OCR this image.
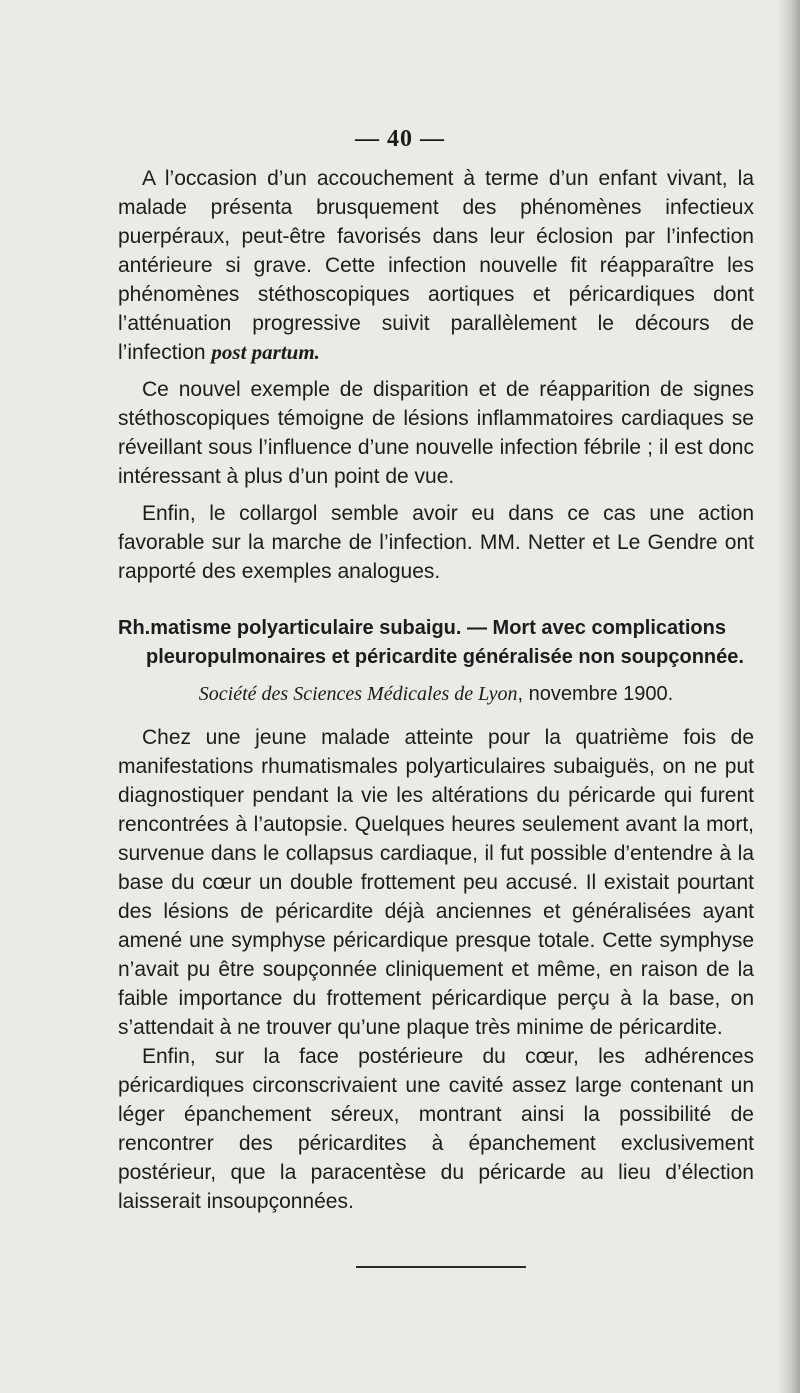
— 40 —

A l’occasion d’un accouchement à terme d’un enfant vivant, la malade présenta brusquement des phénomènes infectieux puerpéraux, peut-être favorisés dans leur éclosion par l’infection antérieure si grave. Cette infection nouvelle fit réapparaître les phénomènes stéthoscopiques aortiques et péricardiques dont l’atténuation progressive suivit parallèlement le décours de l’infection post partum.

Ce nouvel exemple de disparition et de réapparition de signes stéthoscopiques témoigne de lésions inflammatoires cardiaques se réveillant sous l’influence d’une nouvelle infection fébrile ; il est donc intéressant à plus d’un point de vue.

Enfin, le collargol semble avoir eu dans ce cas une action favorable sur la marche de l’infection. MM. Netter et Le Gendre ont rapporté des exemples analogues.

Rh.matisme polyarticulaire subaigu. — Mort avec complications
pleuropulmonaires et péricardite généralisée non soupçonnée.

Société des Sciences Médicales de Lyon, novembre 1900.

Chez une jeune malade atteinte pour la quatrième fois de manifestations rhumatismales polyarticulaires subaiguës, on ne put diagnostiquer pendant la vie les altérations du péricarde qui furent rencontrées à l’autopsie. Quelques heures seulement avant la mort, survenue dans le collapsus cardiaque, il fut possible d’entendre à la base du cœur un double frottement peu accusé. Il existait pourtant des lésions de péricardite déjà anciennes et généralisées ayant amené une symphyse péricardique presque totale. Cette symphyse n’avait pu être soupçonnée cliniquement et même, en raison de la faible importance du frottement péricardique perçu à la base, on s’attendait à ne trouver qu’une plaque très minime de péricardite.

Enfin, sur la face postérieure du cœur, les adhérences péricardiques circonscrivaient une cavité assez large contenant un léger épanchement séreux, montrant ainsi la possibilité de rencontrer des péricardites à épanchement exclusivement postérieur, que la paracentèse du péricarde au lieu d’élection laisserait insoupçonnées.
